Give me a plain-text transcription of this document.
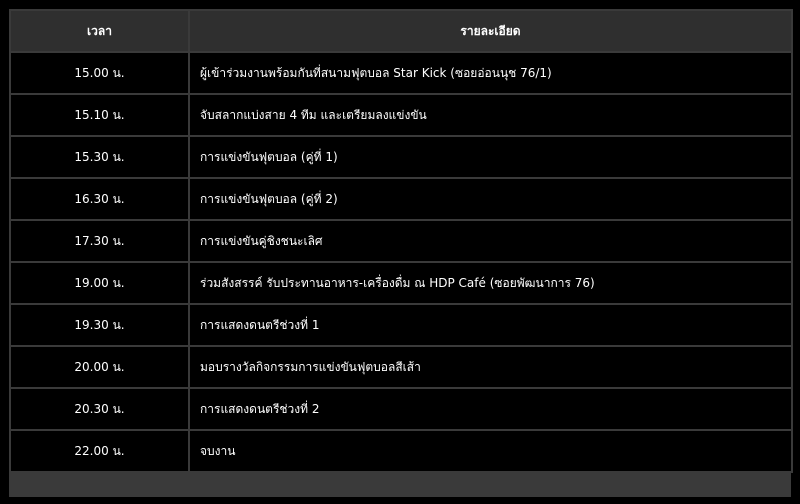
เวลา	รายละเอียด
15.00 น.	ผู้เข้าร่วมงานพร้อมกันที่สนามฟุตบอล Star Kick (ซอยอ่อนนุช 76/1)
15.10 น.	จับสลากแบ่งสาย 4 ทีม และเตรียมลงแข่งขัน
15.30 น.	การแข่งขันฟุตบอล (คู่ที่ 1)
16.30 น.	การแข่งขันฟุตบอล (คู่ที่ 2)
17.30 น.	การแข่งขันคู่ชิงชนะเลิศ
19.00 น.	ร่วมสังสรรค์ รับประทานอาหาร-เครื่องดื่ม ณ HDP Café (ซอยพัฒนาการ 76)
19.30 น.	การแสดงดนตรีช่วงที่ 1
20.00 น.	มอบรางวัลกิจกรรมการแข่งขันฟุตบอลสีเส้า
20.30 น.	การแสดงดนตรีช่วงที่ 2
22.00 น.	จบงาน
